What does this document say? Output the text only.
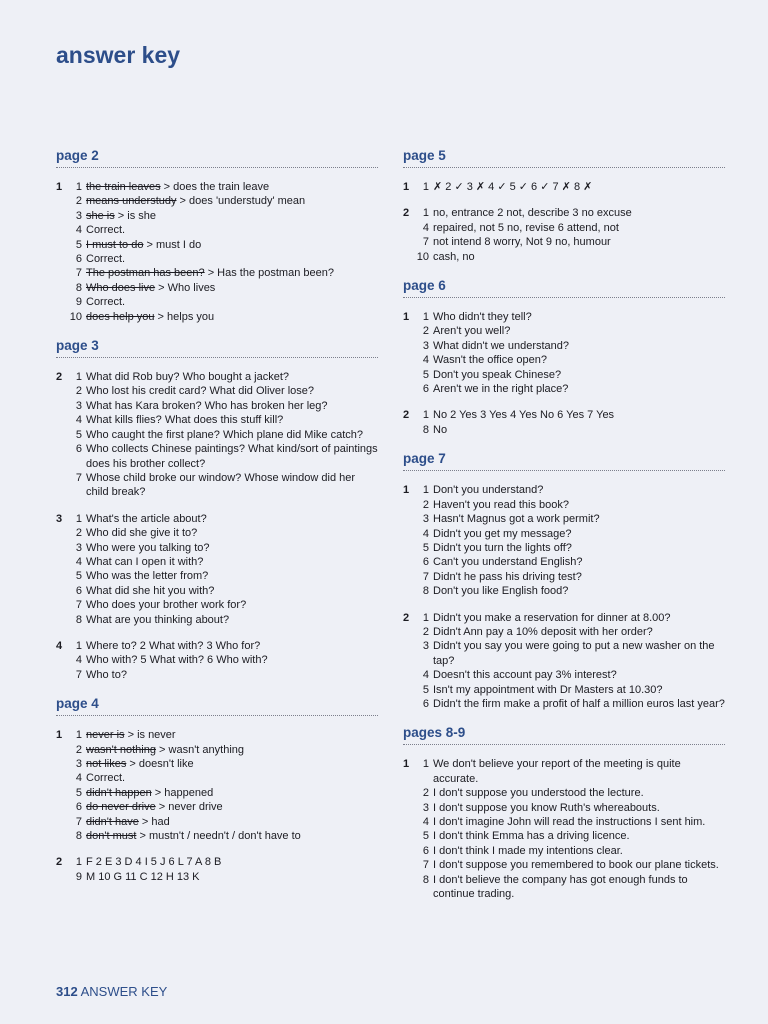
answer key
page 2
1	1 the train leaves > does the train leave
2 means understudy > does 'understudy' mean
3 she is > is she
4 Correct.
5 I must to do > must I do
6 Correct.
7 The postman has been? > Has the postman been?
8 Who does live > Who lives
9 Correct.
10 does help you > helps you
page 3
2	1 What did Rob buy? Who bought a jacket?
2 Who lost his credit card? What did Oliver lose?
3 What has Kara broken? Who has broken her leg?
4 What kills flies? What does this stuff kill?
5 Who caught the first plane? Which plane did Mike catch?
6 Who collects Chinese paintings? What kind/sort of paintings does his brother collect?
7 Whose child broke our window? Whose window did her child break?
3	1 What's the article about?
2 Who did she give it to?
3 Who were you talking to?
4 What can I open it with?
5 Who was the letter from?
6 What did she hit you with?
7 Who does your brother work for?
8 What are you thinking about?
4	1 Where to? 2 What with? 3 Who for?
4 Who with? 5 What with? 6 Who with?
7 Who to?
page 4
1	1 never is > is never
2 wasn't nothing > wasn't anything
3 not likes > doesn't like
4 Correct.
5 didn't happen > happened
6 do never drive > never drive
7 didn't have > had
8 don't must > mustn't / needn't / don't have to
2	1 F 2 E 3 D 4 I 5 J 6 L 7 A 8 B
9 M 10 G 11 C 12 H 13 K
page 5
1	1 ✗ 2 ✓ 3 ✗ 4 ✓ 5 ✓ 6 ✓ 7 ✗ 8 ✗
2	1 no, entrance 2 not, describe 3 no excuse
4 repaired, not 5 no, revise 6 attend, not
7 not intend 8 worry, Not 9 no, humour
10 cash, no
page 6
1	1 Who didn't they tell?
2 Aren't you well?
3 What didn't we understand?
4 Wasn't the office open?
5 Don't you speak Chinese?
6 Aren't we in the right place?
2	1 No 2 Yes 3 Yes 4 Yes No 6 Yes 7 Yes
8 No
page 7
1	1 Don't you understand?
2 Haven't you read this book?
3 Hasn't Magnus got a work permit?
4 Didn't you get my message?
5 Didn't you turn the lights off?
6 Can't you understand English?
7 Didn't he pass his driving test?
8 Don't you like English food?
2	1 Didn't you make a reservation for dinner at 8.00?
2 Didn't Ann pay a 10% deposit with her order?
3 Didn't you say you were going to put a new washer on the tap?
4 Doesn't this account pay 3% interest?
5 Isn't my appointment with Dr Masters at 10.30?
6 Didn't the firm make a profit of half a million euros last year?
pages 8-9
1	1 We don't believe your report of the meeting is quite accurate.
2 I don't suppose you understood the lecture.
3 I don't suppose you know Ruth's whereabouts.
4 I don't imagine John will read the instructions I sent him.
5 I don't think Emma has a driving licence.
6 I don't think I made my intentions clear.
7 I don't suppose you remembered to book our plane tickets.
8 I don't believe the company has got enough funds to continue trading.
312 ANSWER KEY
